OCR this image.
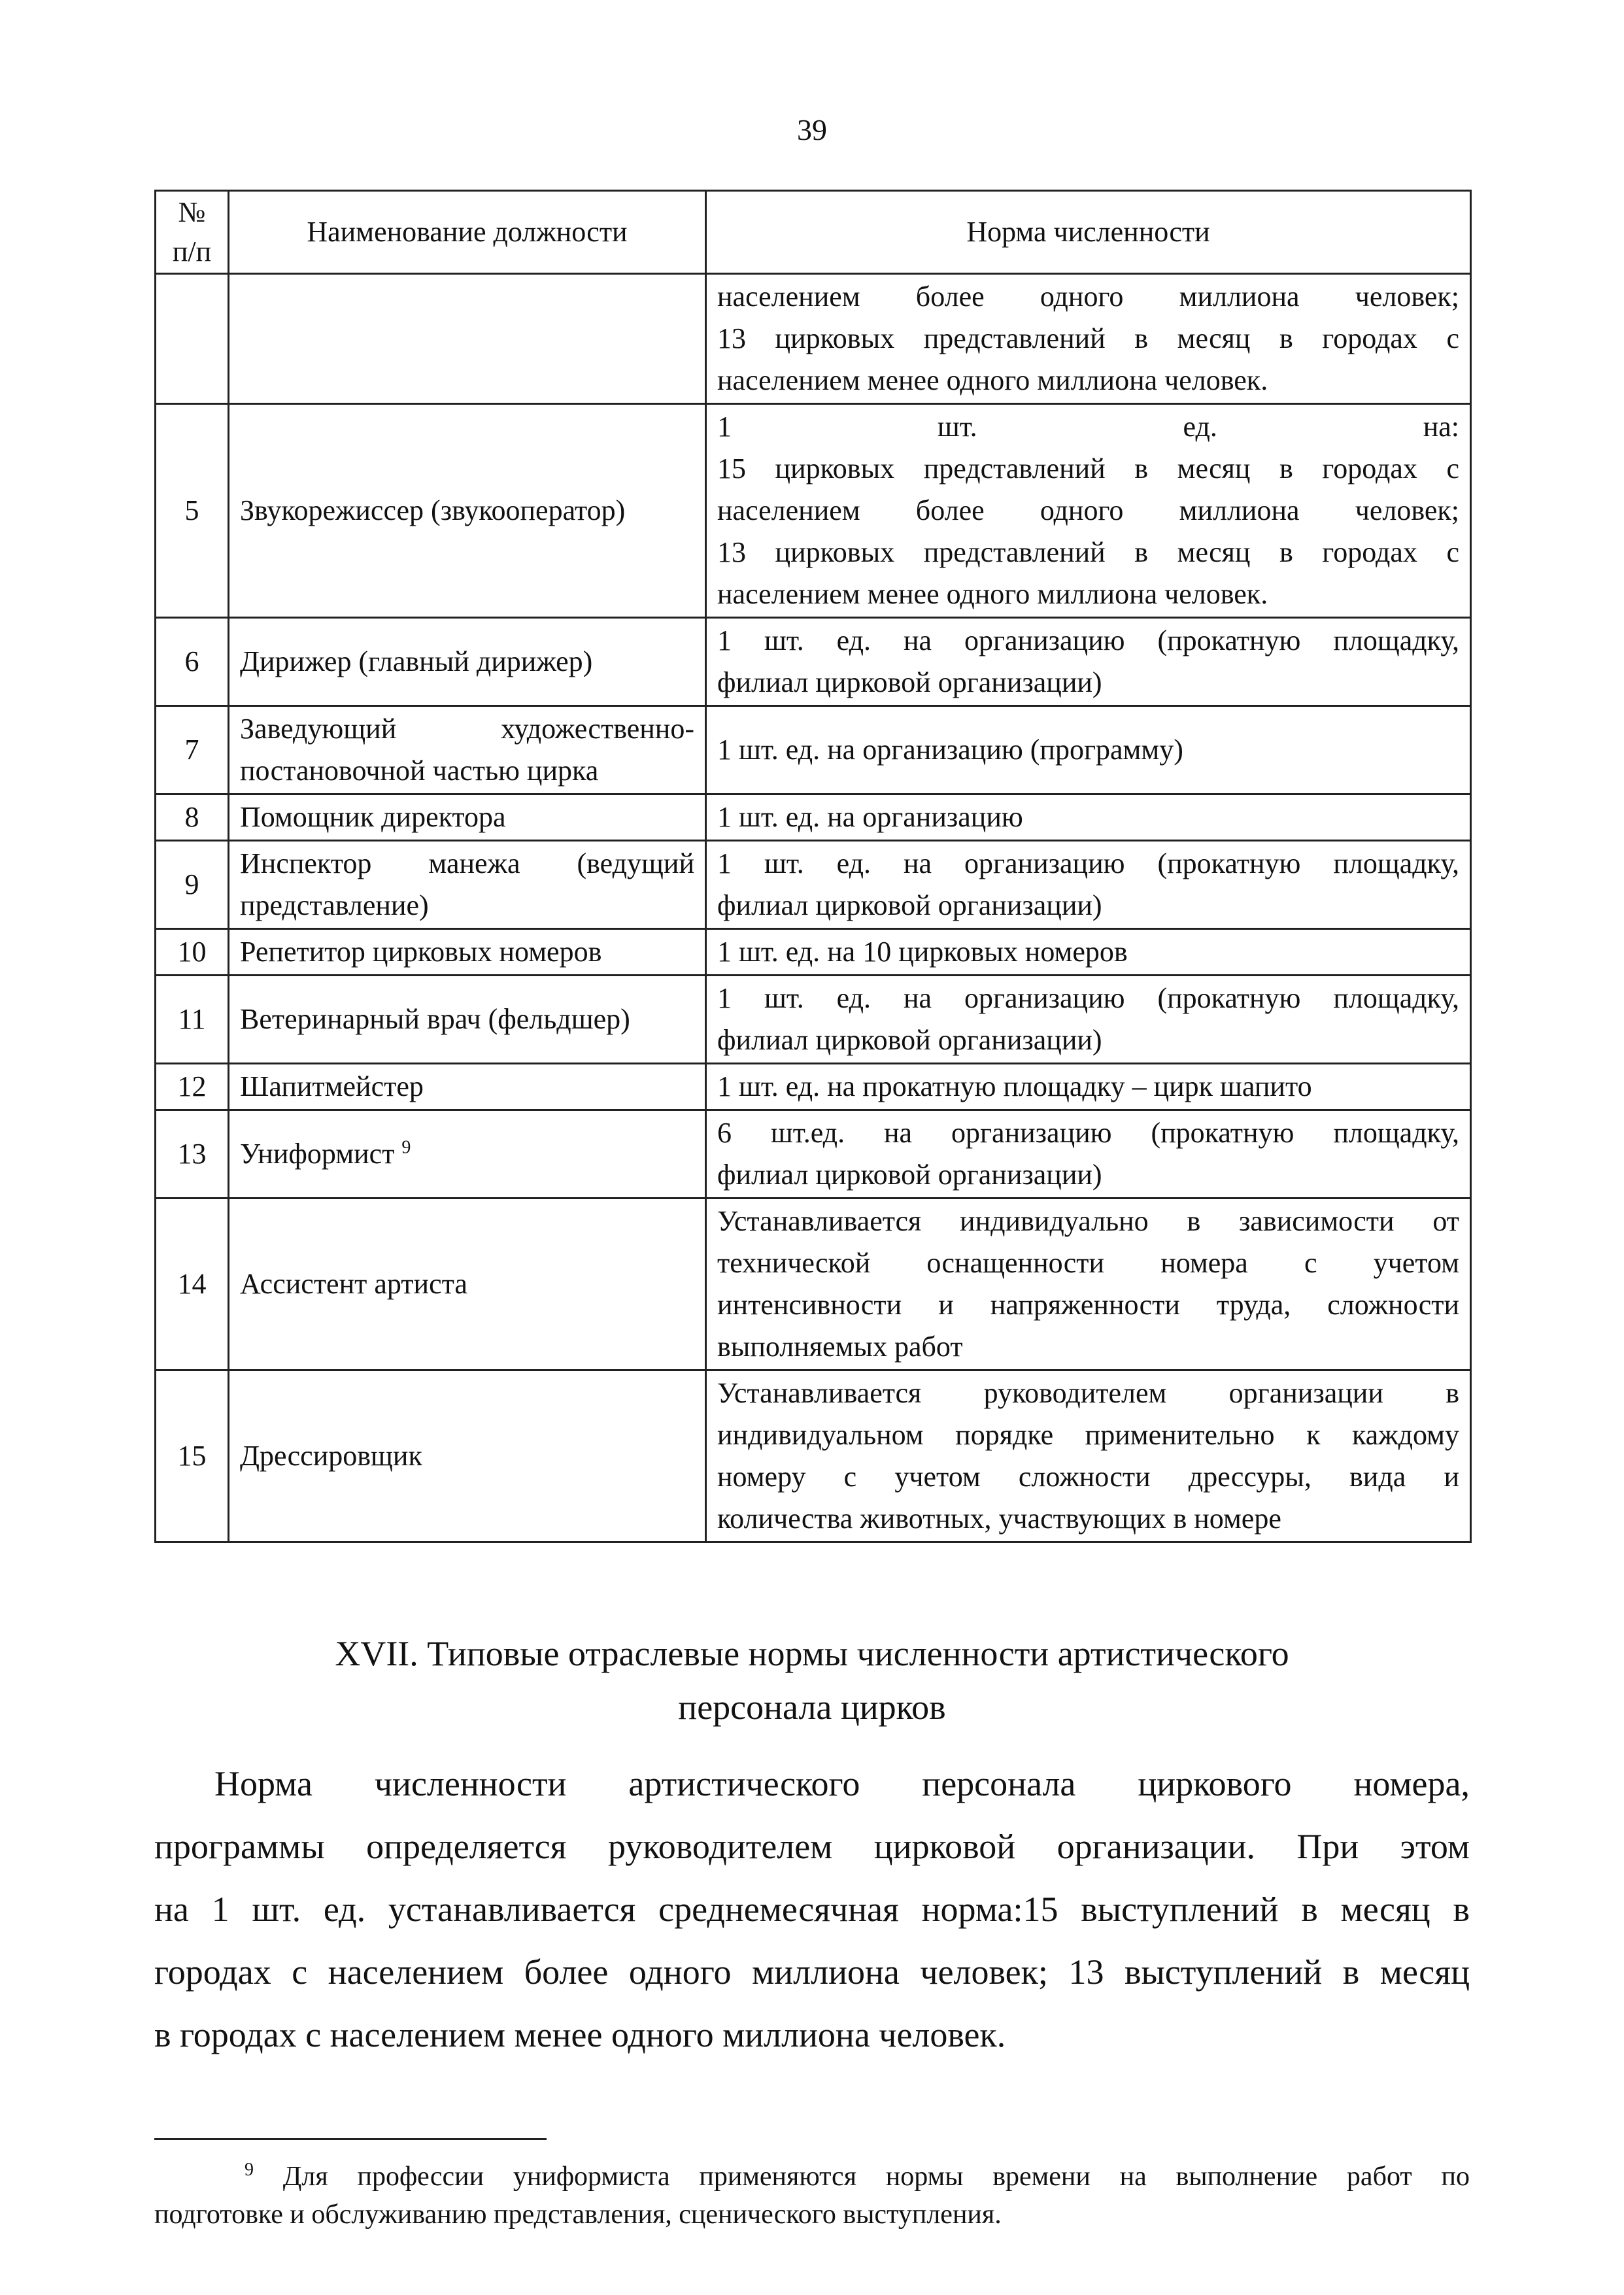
39
№
п/п	Наименование должности	Норма численности

		населением более одного миллиона человек;
13 цирковых представлений в месяц в городах с
населением менее одного миллиона человек.

5	Звукорежиссер (звукооператор)	1 шт. ед. на:
15 цирковых представлений в месяц в городах с
населением более одного миллиона человек;
13 цирковых представлений в месяц в городах с
населением менее одного миллиона человек.

6	Дирижер (главный дирижер)	1 шт. ед. на организацию (прокатную площадку,
филиал цирковой организации)

7	Заведующий художественно-
постановочной частью цирка	1 шт. ед. на организацию (программу)

8	Помощник директора	1 шт. ед. на организацию

9	Инспектор манежа (ведущий
представление)	1 шт. ед. на организацию (прокатную площадку,
филиал цирковой организации)

10	Репетитор цирковых номеров	1 шт. ед. на 10 цирковых номеров

11	Ветеринарный врач (фельдшер)	1 шт. ед. на организацию (прокатную площадку,
филиал цирковой организации)

12	Шапитмейстер	1 шт. ед. на прокатную площадку – цирк шапито

13	Униформист $^9$	6 шт.ед. на организацию (прокатную площадку,
филиал цирковой организации)

14	Ассистент артиста	Устанавливается индивидуально в зависимости от
технической оснащенности номера с учетом
интенсивности и напряженности труда, сложности
выполняемых работ

15	Дрессировщик	Устанавливается руководителем организации в
индивидуальном порядке применительно к каждому
номеру с учетом сложности дрессуры, вида и
количества животных, участвующих в номере
XVII. Типовые отраслевые нормы численности артистического
персонала цирков
Норма численности артистического персонала циркового номера,
программы определяется руководителем цирковой организации. При этом
на 1 шт. ед. устанавливается среднемесячная норма:15 выступлений в месяц в
городах с населением более одного миллиона человек; 13 выступлений в месяц
в городах с населением менее одного миллиона человек.
$^9$ Для профессии униформиста применяются нормы времени на выполнение работ по
подготовке и обслуживанию представления, сценического выступления.
